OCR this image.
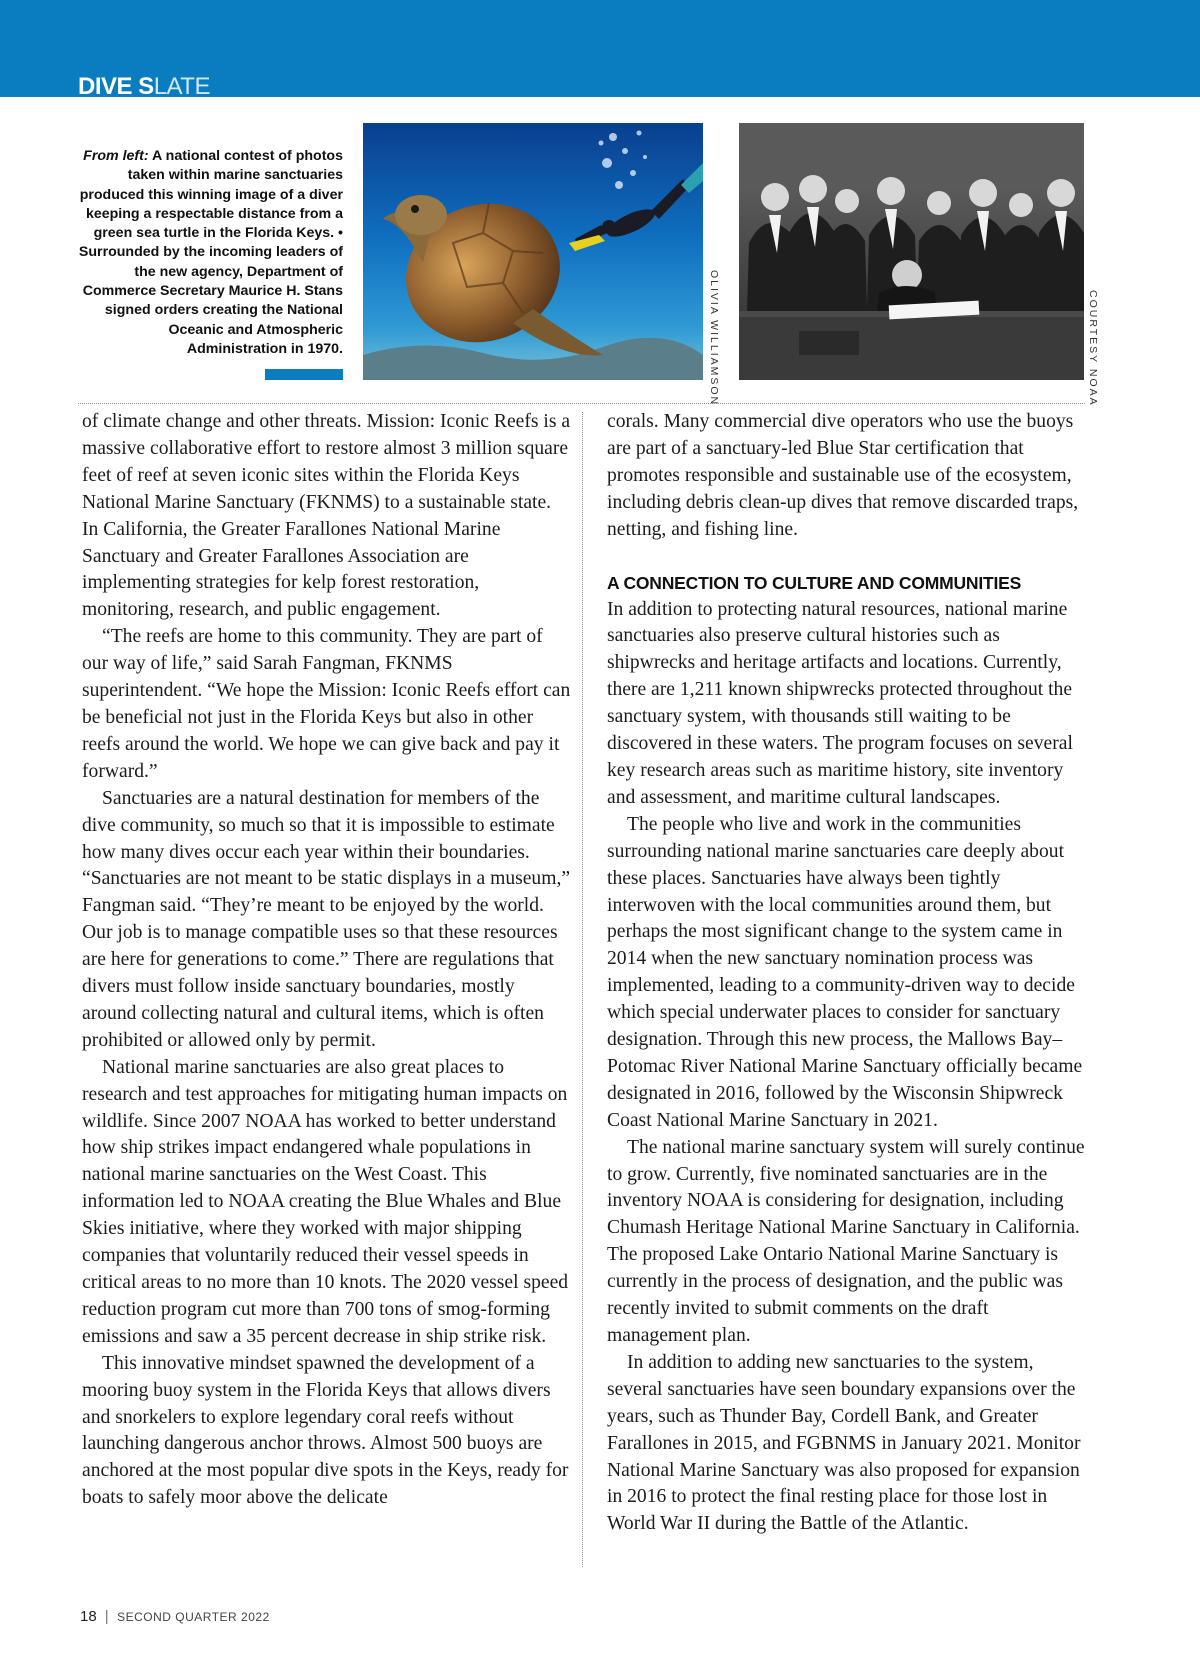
DIVE SLATE
From left: A national contest of photos taken within marine sanctuaries produced this winning image of a diver keeping a respectable distance from a green sea turtle in the Florida Keys. • Surrounded by the incoming leaders of the new agency, Department of Commerce Secretary Maurice H. Stans signed orders creating the National Oceanic and Atmospheric Administration in 1970.	OLIVIA WILLIAMSON	COURTESY NOAA

of climate change and other threats. Mission: Iconic Reefs is a massive collaborative effort to restore almost 3 million square feet of reef at seven iconic sites within the Florida Keys National Marine Sanctuary (FKNMS) to a sustainable state. In California, the Greater Farallones National Marine Sanctuary and Greater Farallones Association are implementing strategies for kelp forest restoration, monitoring, research, and public engagement.

“The reefs are home to this community. They are part of our way of life,” said Sarah Fangman, FKNMS superintendent. “We hope the Mission: Iconic Reefs effort can be beneficial not just in the Florida Keys but also in other reefs around the world. We hope we can give back and pay it forward.”

Sanctuaries are a natural destination for members of the dive community, so much so that it is impossible to estimate how many dives occur each year within their boundaries. “Sanctuaries are not meant to be static displays in a museum,” Fangman said. “They’re meant to be enjoyed by the world. Our job is to manage compatible uses so that these resources are here for generations to come.” There are regulations that divers must follow inside sanctuary boundaries, mostly around collecting natural and cultural items, which is often prohibited or allowed only by permit.

National marine sanctuaries are also great places to research and test approaches for mitigating human impacts on wildlife. Since 2007 NOAA has worked to better understand how ship strikes impact endangered whale populations in national marine sanctuaries on the West Coast. This information led to NOAA creating the Blue Whales and Blue Skies initiative, where they worked with major shipping companies that voluntarily reduced their vessel speeds in critical areas to no more than 10 knots. The 2020 vessel speed reduction program cut more than 700 tons of smog-forming emissions and saw a 35 percent decrease in ship strike risk.

This innovative mindset spawned the development of a mooring buoy system in the Florida Keys that allows divers and snorkelers to explore legendary coral reefs without launching dangerous anchor throws. Almost 500 buoys are anchored at the most popular dive spots in the Keys, ready for boats to safely moor above the delicate

corals. Many commercial dive operators who use the buoys are part of a sanctuary-led Blue Star certification that promotes responsible and sustainable use of the ecosystem, including debris clean-up dives that remove discarded traps, netting, and fishing line.

A CONNECTION TO CULTURE AND COMMUNITIES

In addition to protecting natural resources, national marine sanctuaries also preserve cultural histories such as shipwrecks and heritage artifacts and locations. Currently, there are 1,211 known shipwrecks protected throughout the sanctuary system, with thousands still waiting to be discovered in these waters. The program focuses on several key research areas such as maritime history, site inventory and assessment, and maritime cultural landscapes.

The people who live and work in the communities surrounding national marine sanctuaries care deeply about these places. Sanctuaries have always been tightly interwoven with the local communities around them, but perhaps the most significant change to the system came in 2014 when the new sanctuary nomination process was implemented, leading to a community-driven way to decide which special underwater places to consider for sanctuary designation. Through this new process, the Mallows Bay–Potomac River National Marine Sanctuary officially became designated in 2016, followed by the Wisconsin Shipwreck Coast National Marine Sanctuary in 2021.

The national marine sanctuary system will surely continue to grow. Currently, five nominated sanctuaries are in the inventory NOAA is considering for designation, including Chumash Heritage National Marine Sanctuary in California. The proposed Lake Ontario National Marine Sanctuary is currently in the process of designation, and the public was recently invited to submit comments on the draft management plan.

In addition to adding new sanctuaries to the system, several sanctuaries have seen boundary expansions over the years, such as Thunder Bay, Cordell Bank, and Greater Farallones in 2015, and FGBNMS in January 2021. Monitor National Marine Sanctuary was also proposed for expansion in 2016 to protect the final resting place for those lost in World War II during the Battle of the Atlantic.

18 | SECOND QUARTER 2022
